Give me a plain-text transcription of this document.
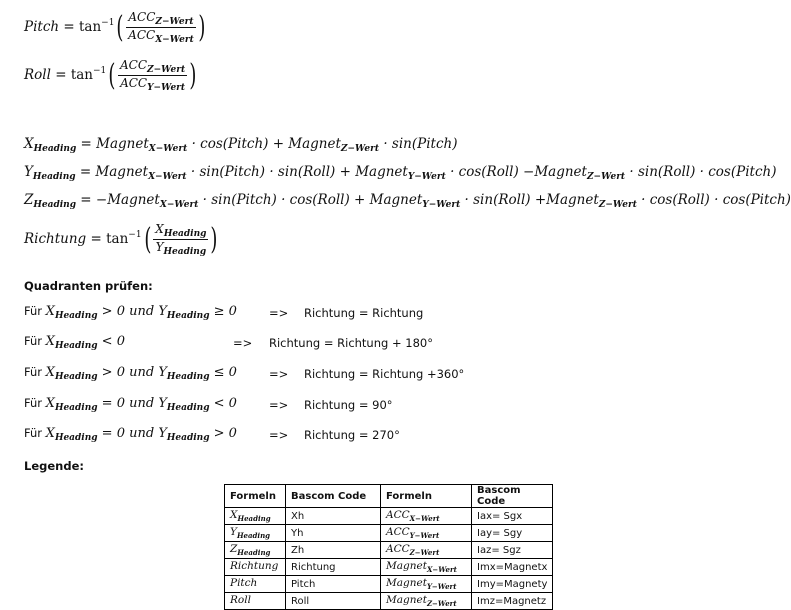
Pitch = $\tan^{-1}( \frac{ACC_{Z-Wert}}{ACC_{X-Wert}}$ )
Roll = $\tan^{-1}( \frac{ACC_{Z-Wert}}{ACC_{Y-Wert}}$ )
$X_{Heading}$ = Magnet$_{X-Wert}$ · cos(Pitch) + Magnet$_{Z-Wert}$ · sin(Pitch)
$Y_{Heading}$ = Magnet$_{X-Wert}$ · sin(Pitch) · sin(Roll) + Magnet$_{Y-Wert}$ · cos(Roll) −Magnet$_{Z-Wert}$ · sin(Roll) · cos(Pitch)
$Z_{Heading}$ = −Magnet$_{X-Wert}$ · sin(Pitch) · cos(Roll) + Magnet$_{Y-Wert}$ · sin(Roll) +Magnet$_{Z-Wert}$ · cos(Roll) · cos(Pitch)
Richtung = $\tan^{-1}( \frac{X_{Heading}}{Y_{Heading}}$ )
Quadranten prüfen:
Für $X_{Heading} > 0$ und $Y_{Heading} \ge 0$	=> Richtung = Richtung
Für $X_{Heading} < 0$	=> Richtung = Richtung + 180°
Für $X_{Heading} > 0$ und $Y_{Heading} \le 0$	=> Richtung = Richtung +360°
Für $X_{Heading} = 0$ und $Y_{Heading} < 0$	=> Richtung = 90°
Für $X_{Heading} = 0$ und $Y_{Heading} > 0$	=> Richtung = 270°
Legende:
Formeln	Bascom Code	Formeln	Bascom Code
$X_{Heading}$	Xh	$ACC_{X-Wert}$	Iax= Sgx
$Y_{Heading}$	Yh	$ACC_{Y-Wert}$	Iay= Sgy
$Z_{Heading}$	Zh	$ACC_{Z-Wert}$	Iaz= Sgz
Richtung	Richtung	Magnet$_{X-Wert}$	Imx=Magnetx
Pitch	Pitch	Magnet$_{Y-Wert}$	Imy=Magnety
Roll	Roll	Magnet$_{Z-Wert}$	Imz=Magnetz
